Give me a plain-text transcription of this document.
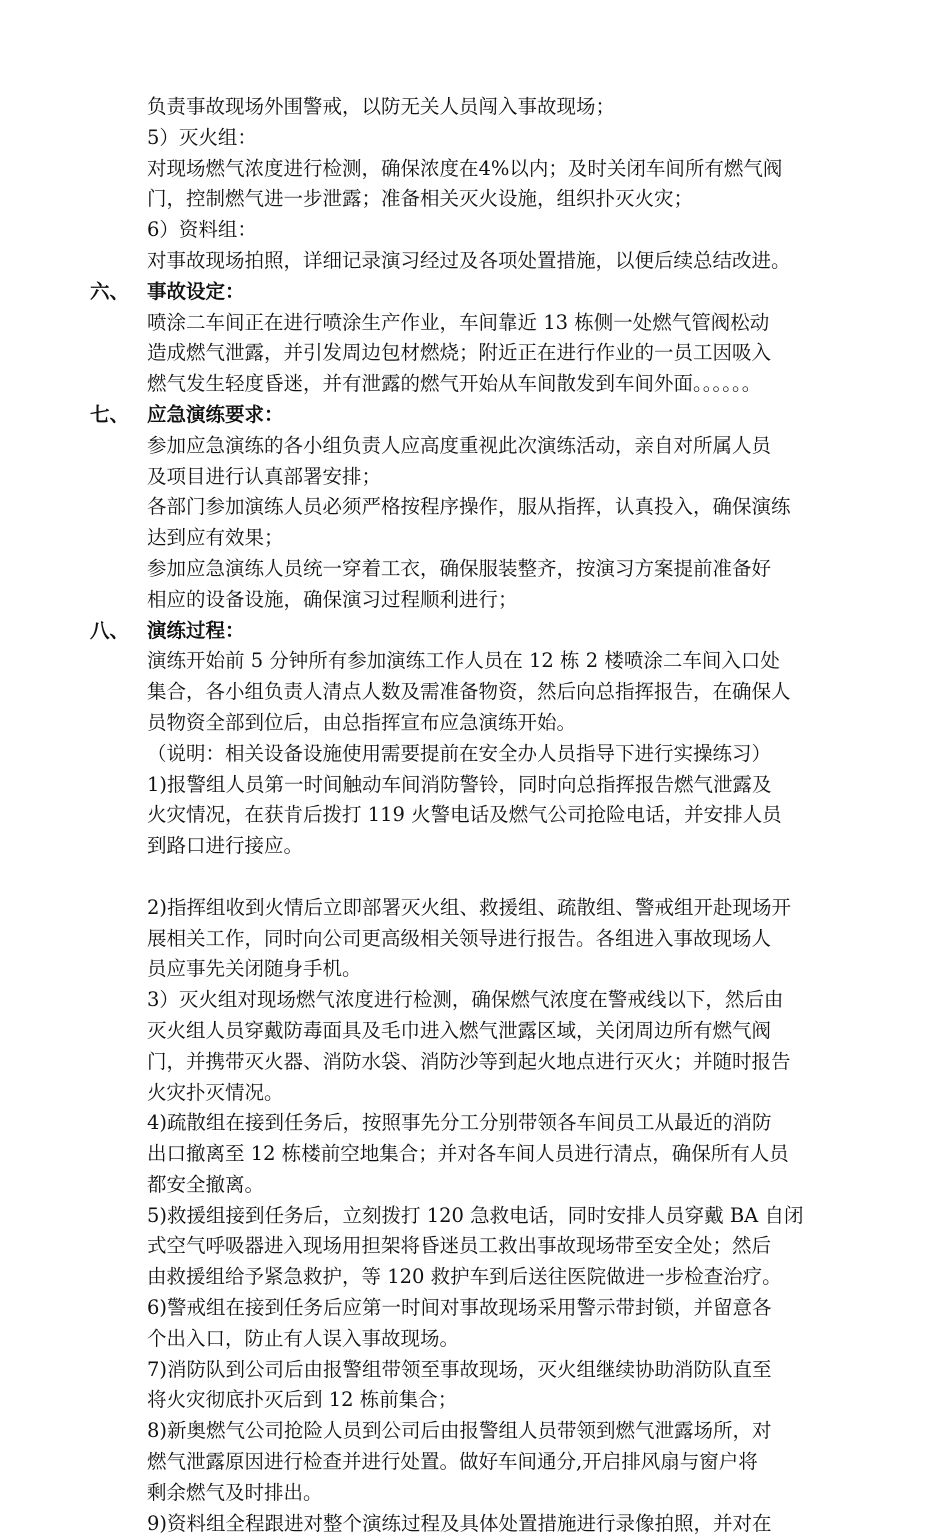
负责事故现场外围警戒，以防无关人员闯入事故现场；
5）灭火组：
对现场燃气浓度进行检测，确保浓度在4%以内；及时关闭车间所有燃气阀
门，控制燃气进一步泄露；准备相关灭火设施，组织扑灭火灾；
6）资料组：
对事故现场拍照，详细记录演习经过及各项处置措施，以便后续总结改进。
六、 事故设定：
喷涂二车间正在进行喷涂生产作业，车间靠近 13 栋侧一处燃气管阀松动
造成燃气泄露，并引发周边包材燃烧；附近正在进行作业的一员工因吸入
燃气发生轻度昏迷，并有泄露的燃气开始从车间散发到车间外面。。。。。。
七、 应急演练要求：
参加应急演练的各小组负责人应高度重视此次演练活动，亲自对所属人员
及项目进行认真部署安排；
各部门参加演练人员必须严格按程序操作，服从指挥，认真投入，确保演练
达到应有效果；
参加应急演练人员统一穿着工衣，确保服装整齐，按演习方案提前准备好
相应的设备设施，确保演习过程顺利进行；
八、 演练过程：
演练开始前 5 分钟所有参加演练工作人员在 12 栋 2 楼喷涂二车间入口处
集合，各小组负责人清点人数及需准备物资，然后向总指挥报告，在确保人
员物资全部到位后，由总指挥宣布应急演练开始。
（说明：相关设备设施使用需要提前在安全办人员指导下进行实操练习）
1)报警组人员第一时间触动车间消防警铃，同时向总指挥报告燃气泄露及
火灾情况，在获肯后拨打 119 火警电话及燃气公司抢险电话，并安排人员
到路口进行接应。
2)指挥组收到火情后立即部署灭火组、救援组、疏散组、警戒组开赴现场开
展相关工作，同时向公司更高级相关领导进行报告。各组进入事故现场人
员应事先关闭随身手机。
3）灭火组对现场燃气浓度进行检测，确保燃气浓度在警戒线以下，然后由
灭火组人员穿戴防毒面具及毛巾进入燃气泄露区域，关闭周边所有燃气阀
门，并携带灭火器、消防水袋、消防沙等到起火地点进行灭火；并随时报告
火灾扑灭情况。
4)疏散组在接到任务后，按照事先分工分别带领各车间员工从最近的消防
出口撤离至 12 栋楼前空地集合；并对各车间人员进行清点，确保所有人员
都安全撤离。
5)救援组接到任务后，立刻拨打 120 急救电话，同时安排人员穿戴 BA 自闭
式空气呼吸器进入现场用担架将昏迷员工救出事故现场带至安全处；然后
由救援组给予紧急救护，等 120 救护车到后送往医院做进一步检查治疗。
6)警戒组在接到任务后应第一时间对事故现场采用警示带封锁，并留意各
个出入口，防止有人误入事故现场。
7)消防队到公司后由报警组带领至事故现场，灭火组继续协助消防队直至
将火灾彻底扑灭后到 12 栋前集合；
8)新奥燃气公司抢险人员到公司后由报警组人员带领到燃气泄露场所，对
燃气泄露原因进行检查并进行处置。做好车间通分,开启排风扇与窗户将
剩余燃气及时排出。
9)资料组全程跟进对整个演练过程及具体处置措施进行录像拍照，并对在
